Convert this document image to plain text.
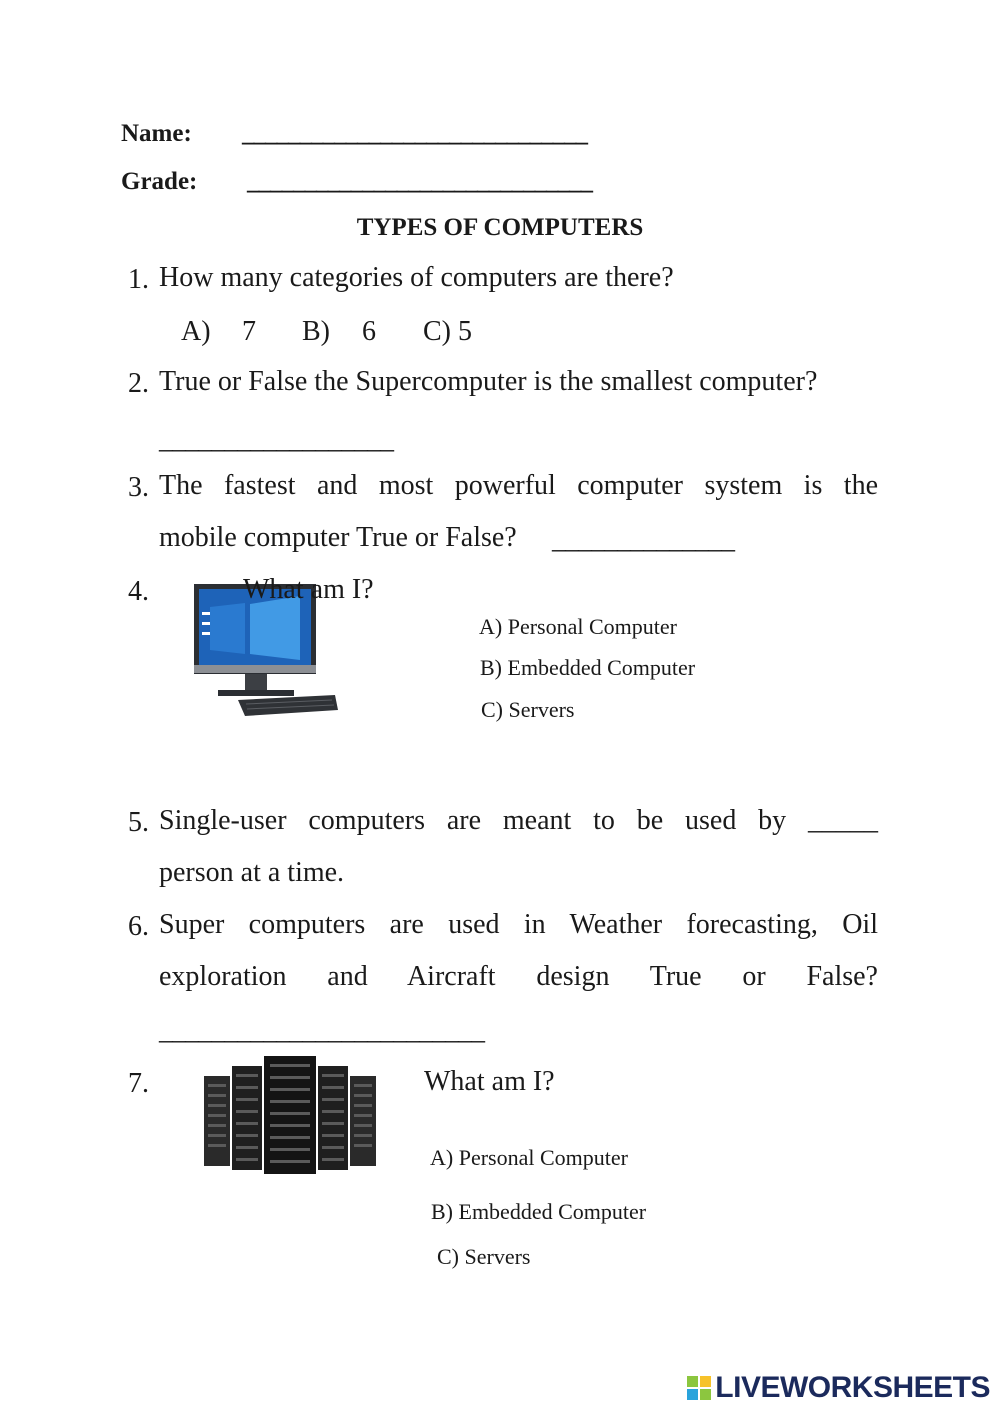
Name: ______________________________
Grade: ______________________________
TYPES OF COMPUTERS
1. How many categories of computers are there?
A) 7 B) 6 C) 5
2. True or False the Supercomputer is the smallest computer?
__________________
3. The fastest and most powerful computer system is the
mobile computer True or False? ______________
4.	What am I?
A) Personal Computer
B) Embedded Computer
C) Servers
5. Single-user computers are meant to be used by _____
person at a time.
6. Super computers are used in Weather forecasting, Oil
exploration and Aircraft design True or False?
_________________________
7.	What am I?
A) Personal Computer
B) Embedded Computer
C) Servers
LIVEWORKSHEETS
